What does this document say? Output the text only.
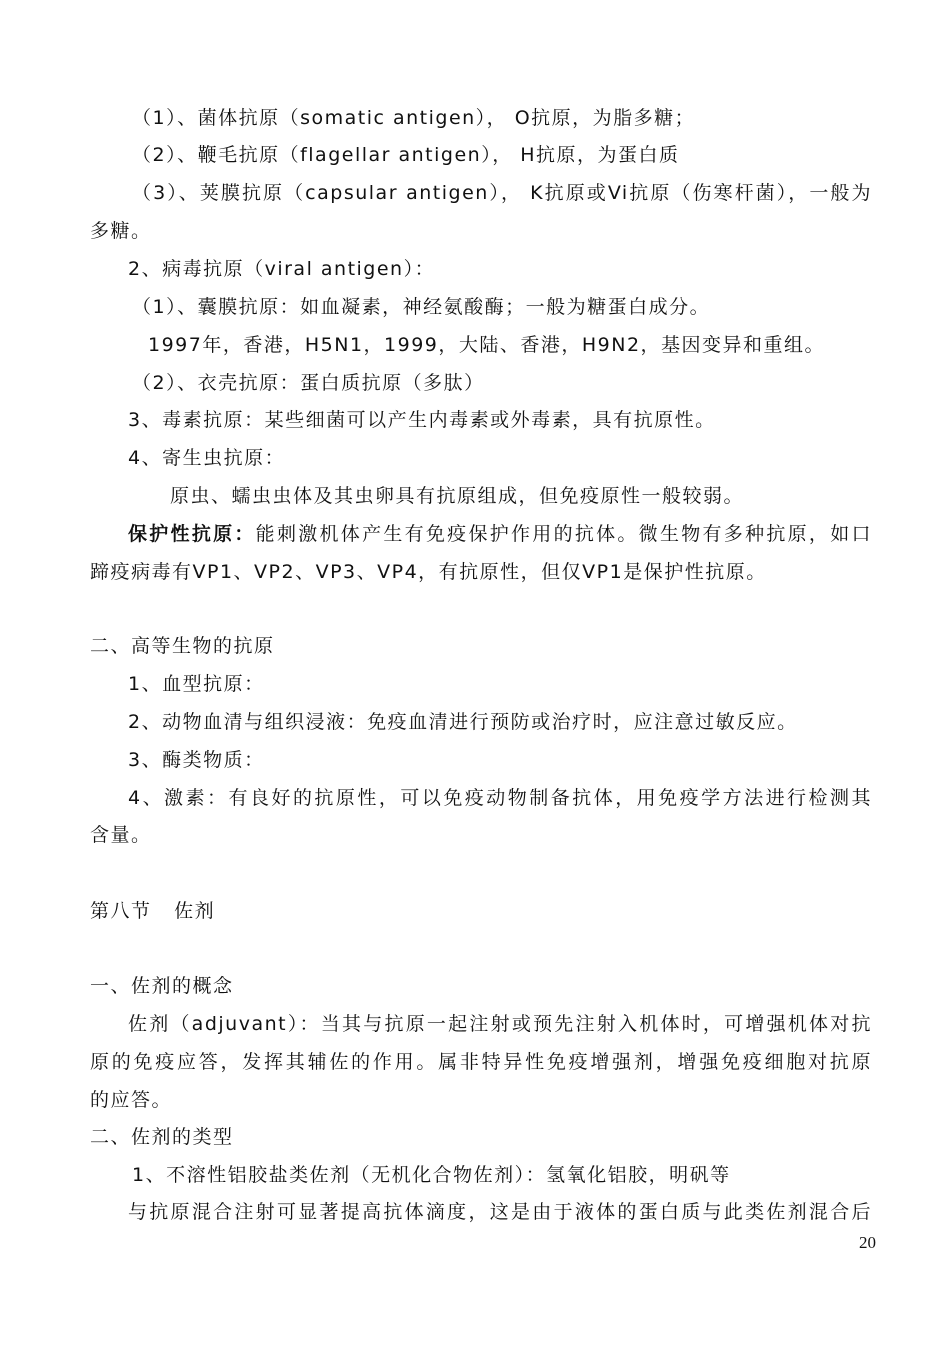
（1）、菌体抗原（somatic antigen）， O抗原，为脂多糖；
（2）、鞭毛抗原（flagellar antigen）， H抗原，为蛋白质
（3）、荚膜抗原（capsular antigen）， K抗原或Vi抗原（伤寒杆菌），一般为
多糖。
2、病毒抗原（viral antigen）：
（1）、囊膜抗原：如血凝素，神经氨酸酶；一般为糖蛋白成分。
1997年，香港，H5N1，1999，大陆、香港，H9N2，基因变异和重组。
（2）、衣壳抗原：蛋白质抗原（多肽）
3、毒素抗原：某些细菌可以产生内毒素或外毒素，具有抗原性。
4、寄生虫抗原：
原虫、蠕虫虫体及其虫卵具有抗原组成，但免疫原性一般较弱。
保护性抗原：能刺激机体产生有免疫保护作用的抗体。微生物有多种抗原，如口
蹄疫病毒有VP1、VP2、VP3、VP4，有抗原性，但仅VP1是保护性抗原。
二、高等生物的抗原
1、血型抗原：
2、动物血清与组织浸液：免疫血清进行预防或治疗时，应注意过敏反应。
3、酶类物质：
4、激素：有良好的抗原性，可以免疫动物制备抗体，用免疫学方法进行检测其
含量。
第八节   佐剂
一、佐剂的概念
佐剂（adjuvant）：当其与抗原一起注射或预先注射入机体时，可增强机体对抗
原的免疫应答，发挥其辅佐的作用。属非特异性免疫增强剂，增强免疫细胞对抗原
的应答。
二、佐剂的类型
1、不溶性铝胶盐类佐剂（无机化合物佐剂）：氢氧化铝胶，明矾等
与抗原混合注射可显著提高抗体滴度，这是由于液体的蛋白质与此类佐剂混合后
20
